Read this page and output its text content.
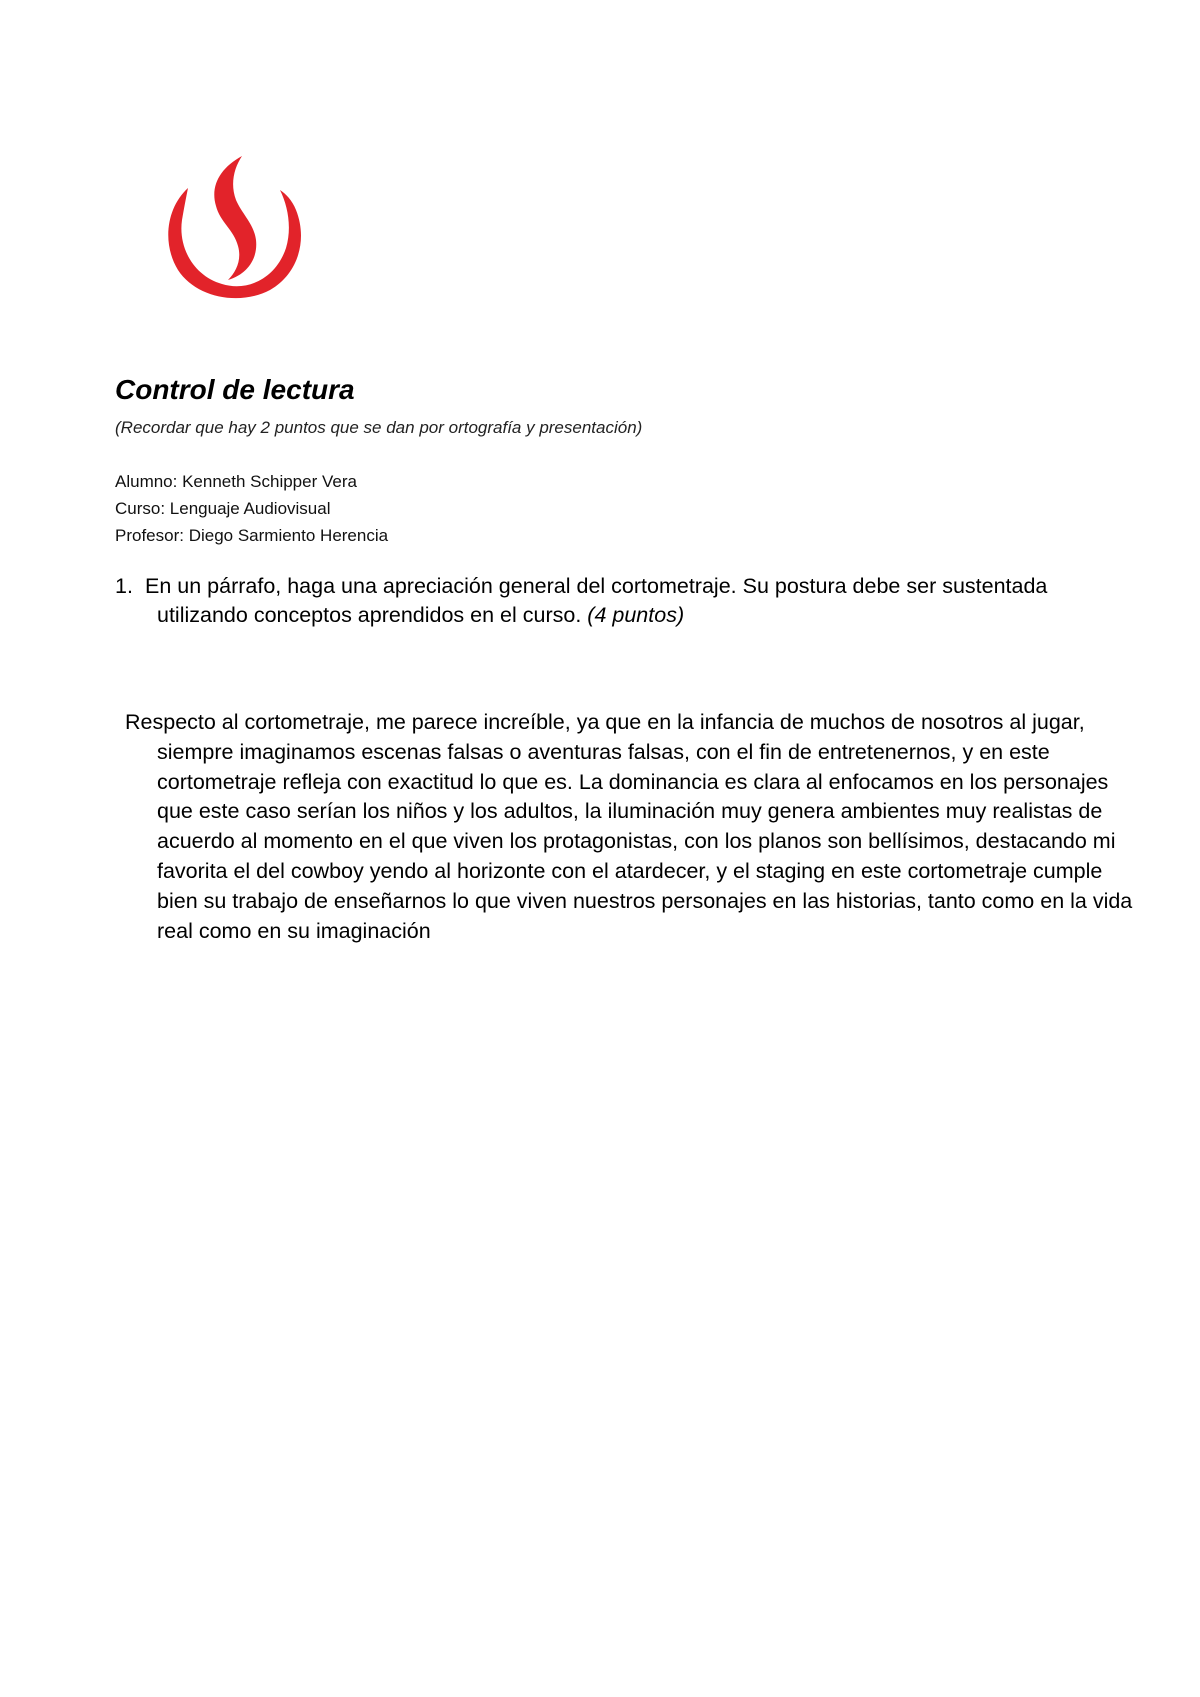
Control de lectura

(Recordar que hay 2 puntos que se dan por ortografía y presentación)

Alumno: Kenneth Schipper Vera
Curso: Lenguaje Audiovisual
Profesor: Diego Sarmiento Herencia

1. En un párrafo, haga una apreciación general del cortometraje. Su postura debe ser sustentada utilizando conceptos aprendidos en el curso. (4 puntos)

Respecto al cortometraje, me parece increíble, ya que en la infancia de muchos de nosotros al jugar, siempre imaginamos escenas falsas o aventuras falsas, con el fin de entretenernos, y en este cortometraje refleja con exactitud lo que es. La dominancia es clara al enfocamos en los personajes que este caso serían los niños y los adultos, la iluminación muy genera ambientes muy realistas de acuerdo al momento en el que viven los protagonistas, con los planos son bellísimos, destacando mi favorita el del cowboy yendo al horizonte con el atardecer, y el staging en este cortometraje cumple bien su trabajo de enseñarnos lo que viven nuestros personajes en las historias, tanto como en la vida real como en su imaginación
